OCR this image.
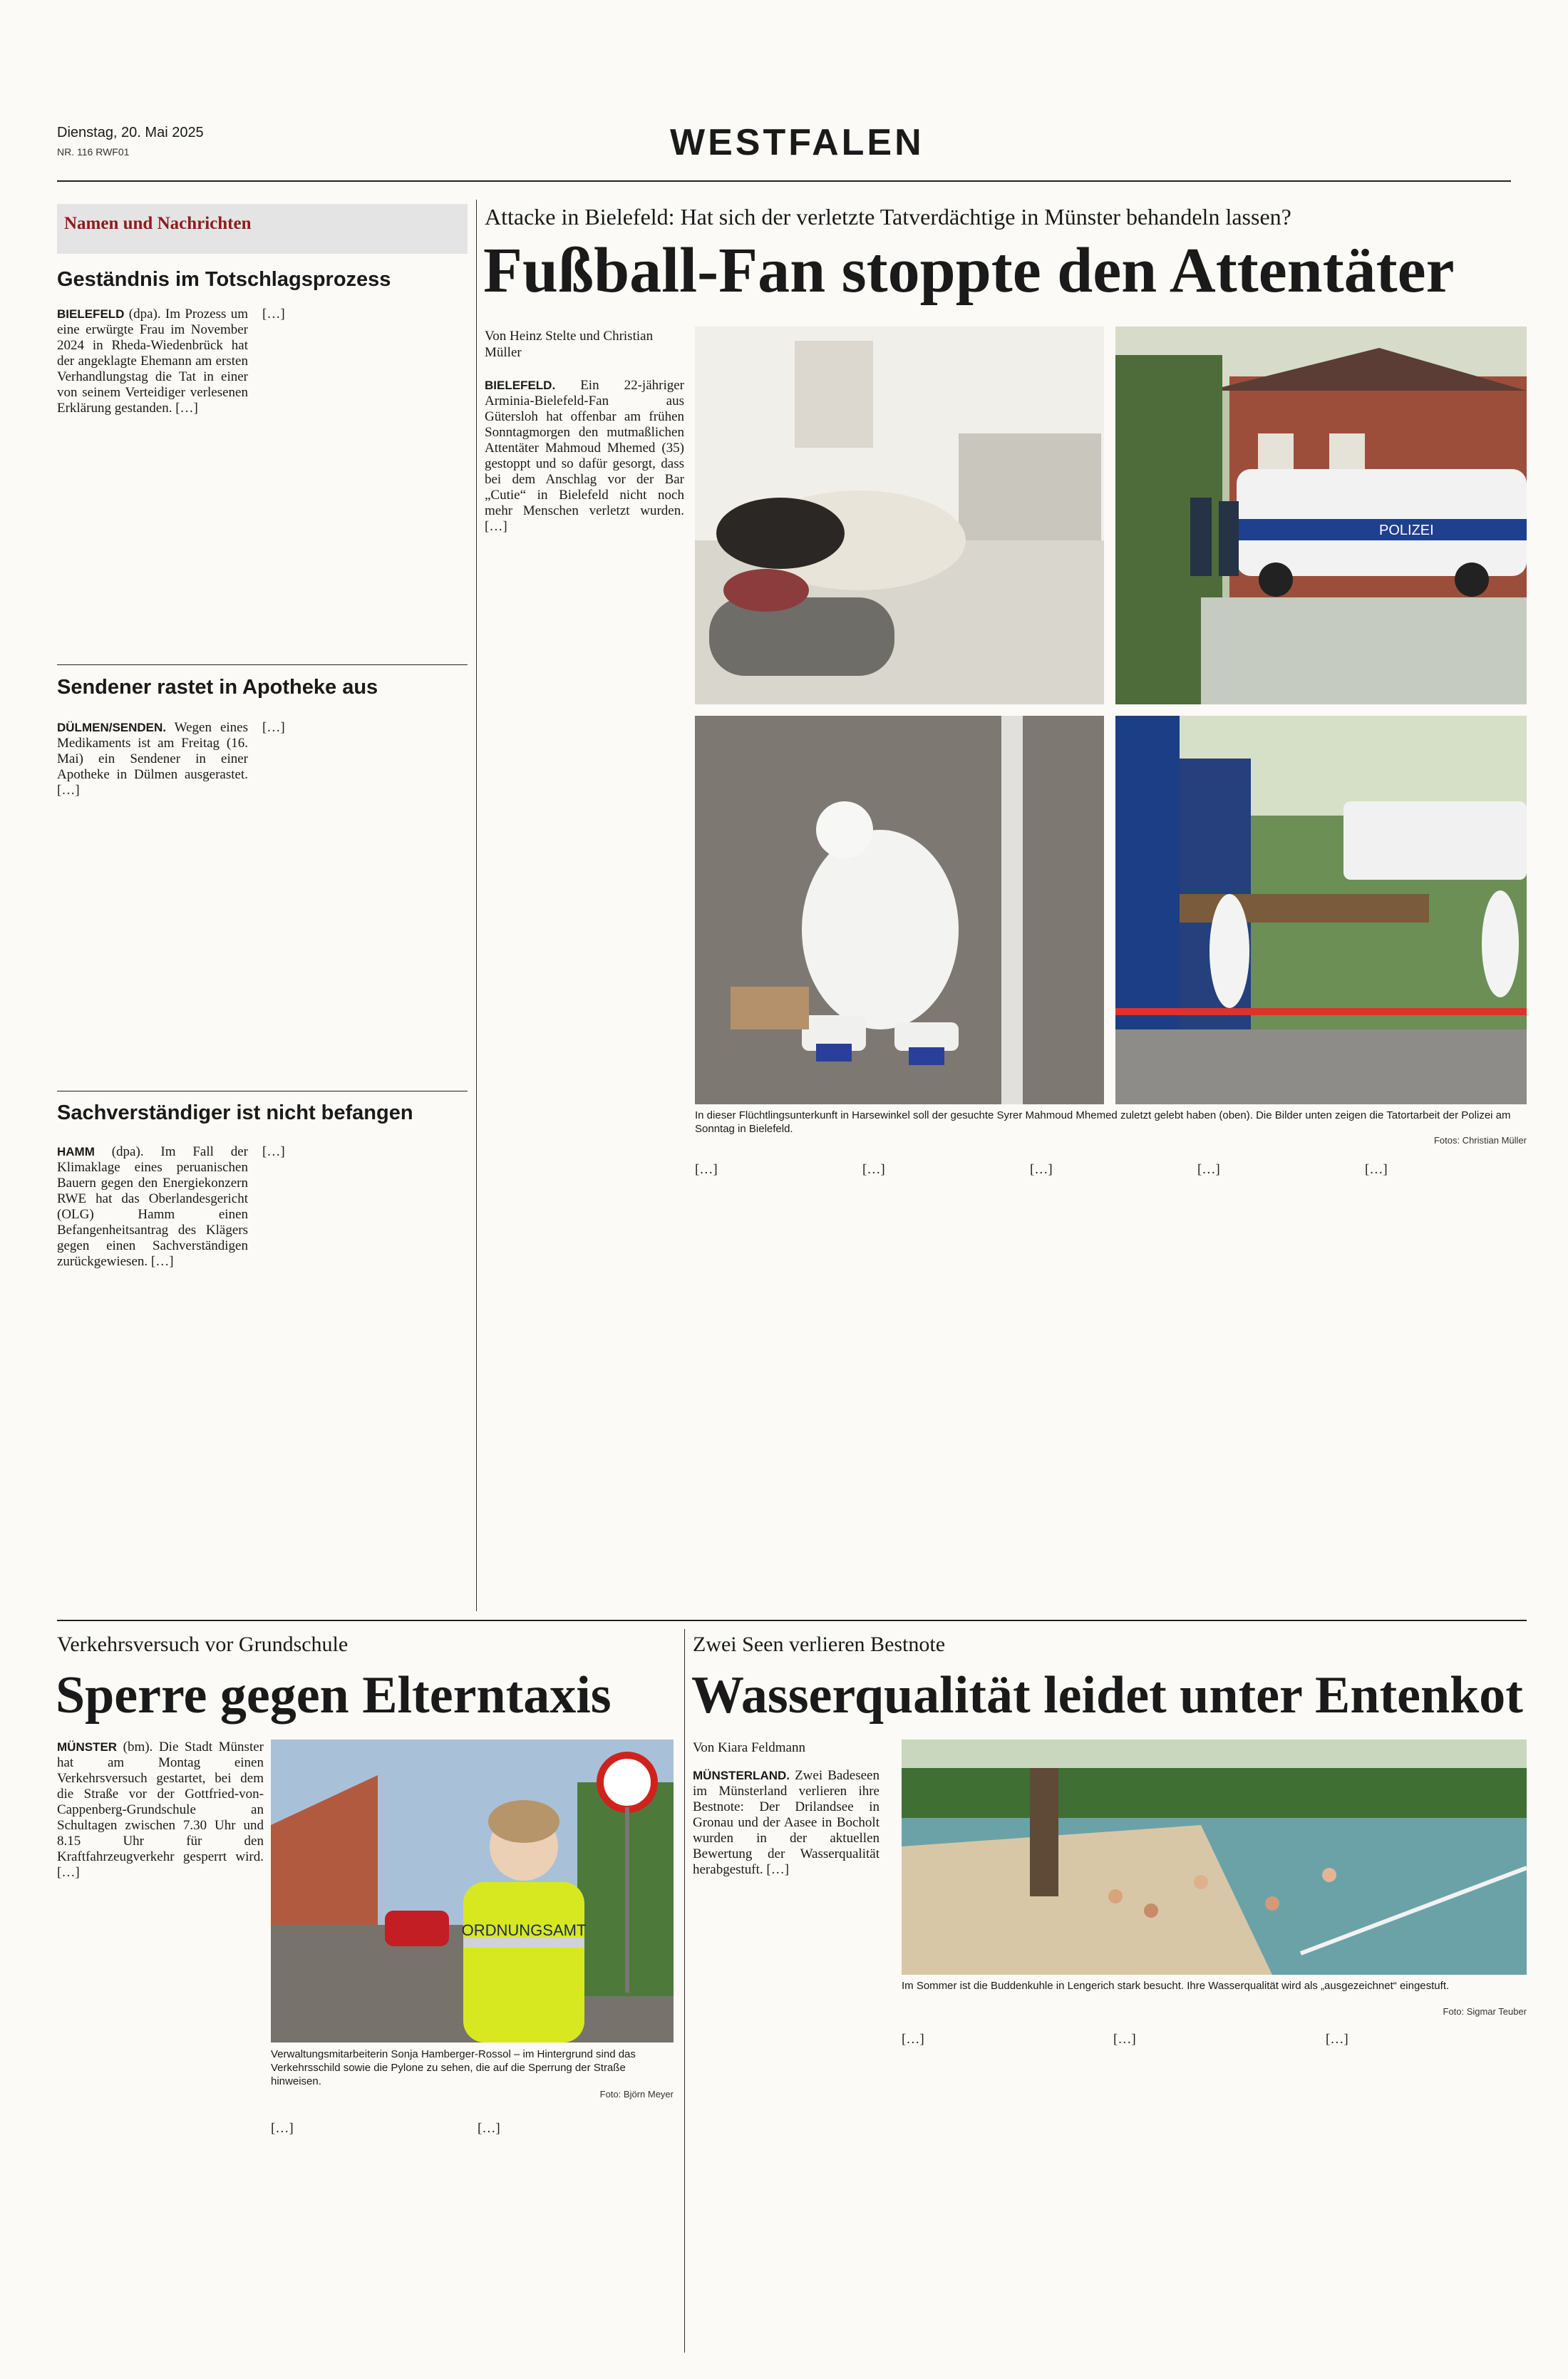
Dienstag, 20. Mai 2025
NR. 116 RWF01	WESTFALEN
Namen und Nachrichten
Geständnis im Totschlagsprozess
BIELEFELD (dpa). Im Prozess um eine erwürgte Frau im November 2024 in Rheda-Wiedenbrück hat der angeklagte Ehemann am ersten Verhandlungstag die Tat in einer von seinem Verteidiger verlesenen Erklärung gestanden. […]
[…]
Sendener rastet in Apotheke aus
DÜLMEN/SENDEN. Wegen eines Medikaments ist am Freitag (16. Mai) ein Sendener in einer Apotheke in Dülmen ausgerastet. […]
[…]
Sachverständiger ist nicht befangen
HAMM (dpa). Im Fall der Klimaklage eines peruanischen Bauern gegen den Energiekonzern RWE hat das Oberlandesgericht (OLG) Hamm einen Befangenheitsantrag des Klägers gegen einen Sachverständigen zurückgewiesen. […]
[…]
Attacke in Bielefeld: Hat sich der verletzte Tatverdächtige in Münster behandeln lassen?
Fußball-Fan stoppte den Attentäter
Von Heinz Stelte und Christian Müller
BIELEFELD. Ein 22-jähriger Arminia-Bielefeld-Fan aus Gütersloh hat offenbar am frühen Sonntagmorgen den mutmaßlichen Attentäter Mahmoud Mhemed (35) gestoppt und so dafür gesorgt, dass bei dem Anschlag vor der Bar „Cutie“ in Bielefeld nicht noch mehr Menschen verletzt wurden. […]	POLIZEI
In dieser Flüchtlingsunterkunft in Harsewinkel soll der gesuchte Syrer Mahmoud Mhemed zuletzt gelebt haben (oben). Die Bilder unten zeigen die Tatortarbeit der Polizei am Sonntag in Bielefeld.
Fotos: Christian Müller
[…]	[…]	[…]	[…]	[…]
Verkehrsversuch vor Grundschule
Sperre gegen Elterntaxis
MÜNSTER (bm). Die Stadt Münster hat am Montag einen Verkehrsversuch gestartet, bei dem die Straße vor der Gottfried-von-Cappenberg-Grundschule an Schultagen zwischen 7.30 Uhr und 8.15 Uhr für den Kraftfahrzeugverkehr gesperrt wird. […]
ORDNUNGSAMT
Verwaltungsmitarbeiterin Sonja Hamberger-Rossol – im Hintergrund sind das Verkehrsschild sowie die Pylone zu sehen, die auf die Sperrung der Straße hinweisen.
Foto: Björn Meyer
[…]	[…]
Zwei Seen verlieren Bestnote
Wasserqualität leidet unter Entenkot
Von Kiara Feldmann
MÜNSTERLAND. Zwei Badeseen im Münsterland verlieren ihre Bestnote: Der Drilandsee in Gronau und der Aasee in Bocholt wurden in der aktuellen Bewertung der Wasserqualität herabgestuft. […]
Im Sommer ist die Buddenkuhle in Lengerich stark besucht. Ihre Wasserqualität wird als „ausgezeichnet“ eingestuft.
Foto: Sigmar Teuber
[…]	[…]	[…]
